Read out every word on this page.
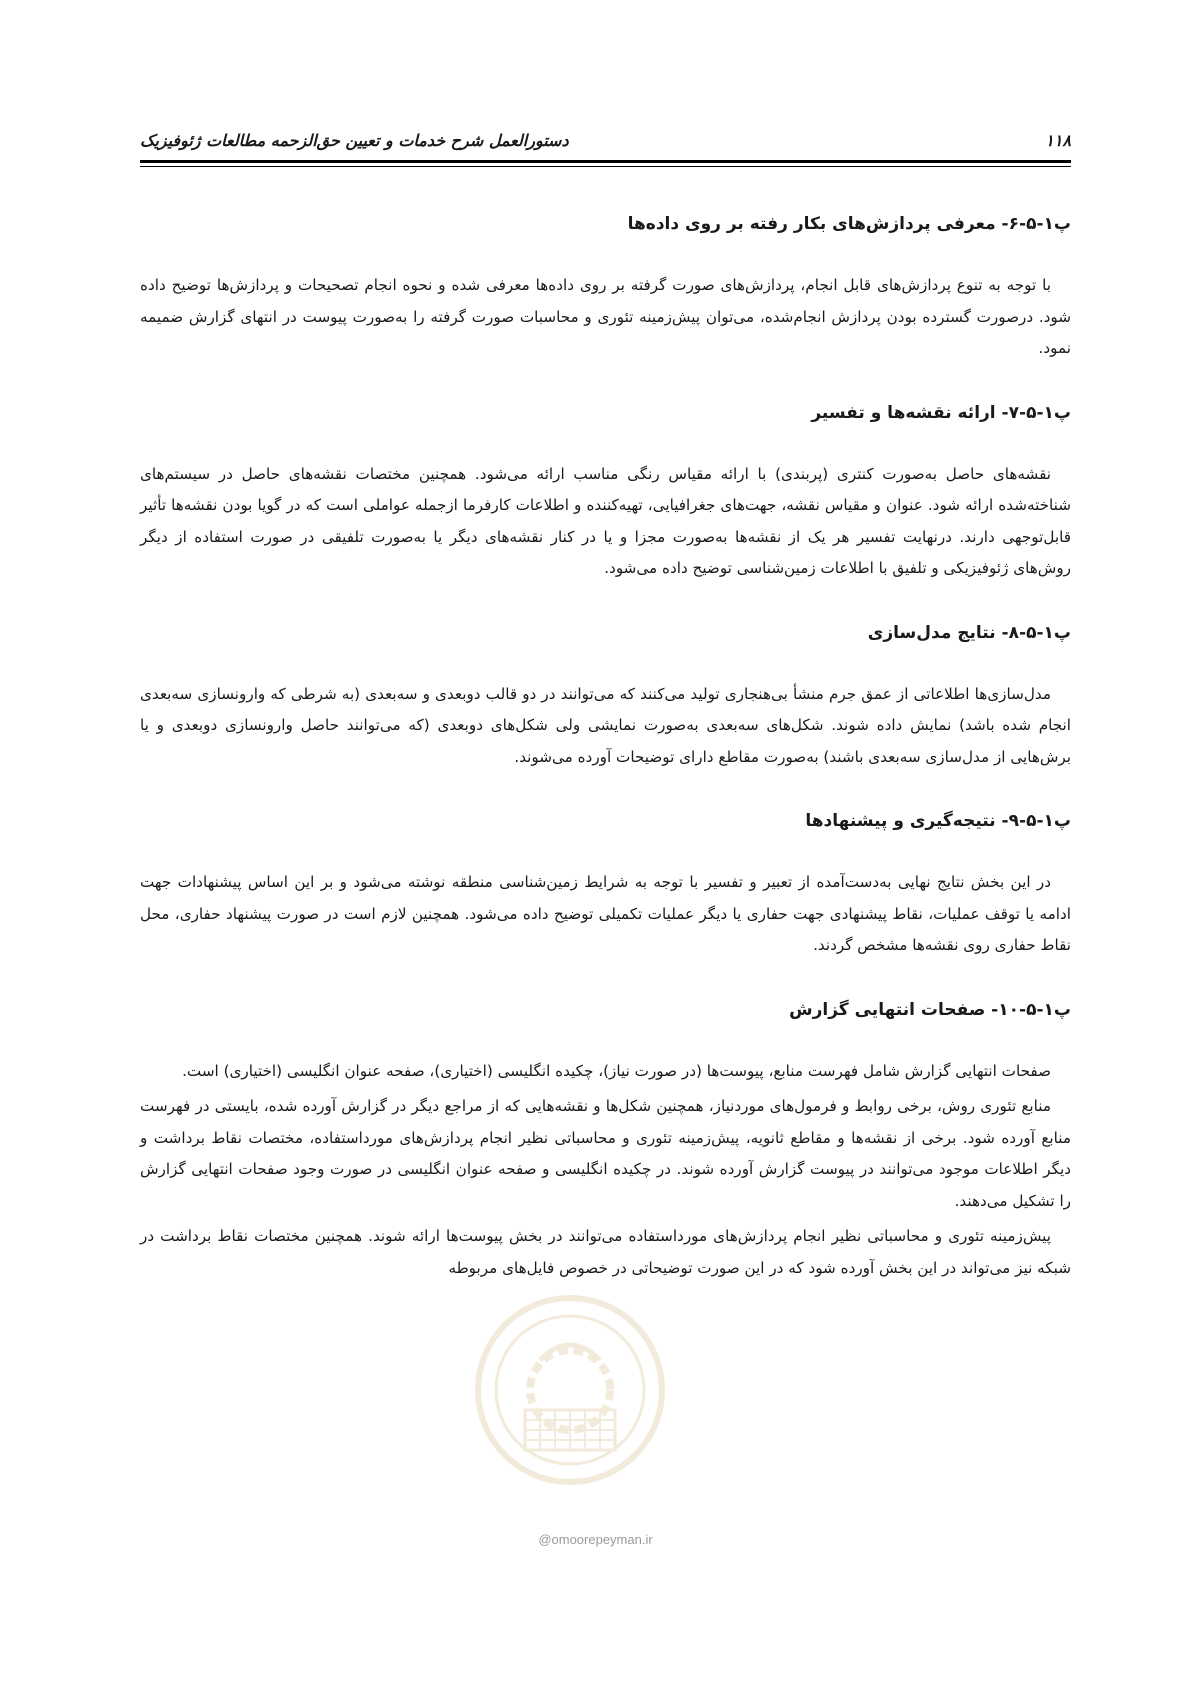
۱۱۸
دستورالعمل شرح خدمات و تعیین حق‌الزحمه مطالعات ژئوفیزیک
پ۱-۵-۶- معرفی پردازش‌های بکار رفته بر روی داده‌ها

با توجه به تنوع پردازش‌های قابل انجام، پردازش‌های صورت گرفته بر روی داده‌ها معرفی شده و نحوه انجام تصحیحات و پردازش‌ها توضیح داده شود. درصورت گسترده بودن پردازش انجام‌شده، می‌توان پیش‌زمینه تئوری و محاسبات صورت گرفته را به‌صورت پیوست در انتهای گزارش ضمیمه نمود.

پ۱-۵-۷- ارائه نقشه‌ها و تفسیر

نقشه‌های حاصل به‌صورت کنتری (پربندی) با ارائه مقیاس رنگی مناسب ارائه می‌شود. همچنین مختصات نقشه‌های حاصل در سیستم‌های شناخته‌شده ارائه شود. عنوان و مقیاس نقشه، جهت‌های جغرافیایی، تهیه‌کننده و اطلاعات کارفرما ازجمله عواملی است که در گویا بودن نقشه‌ها تأثیر قابل‌توجهی دارند. درنهایت تفسیر هر یک از نقشه‌ها به‌صورت مجزا و یا در کنار نقشه‌های دیگر یا به‌صورت تلفیقی در صورت استفاده از دیگر روش‌های ژئوفیزیکی و تلفیق با اطلاعات زمین‌شناسی توضیح داده می‌شود.

پ۱-۵-۸- نتایج مدل‌سازی

مدل‌سازی‌ها اطلاعاتی از عمق جرم منشأ بی‌هنجاری تولید می‌کنند که می‌توانند در دو قالب دوبعدی و سه‌بعدی (به شرطی که وارونسازی سه‌بعدی انجام شده باشد) نمایش داده شوند. شکل‌های سه‌بعدی به‌صورت نمایشی ولی شکل‌های دوبعدی (که می‌توانند حاصل وارونسازی دوبعدی و یا برش‌هایی از مدل‌سازی سه‌بعدی باشند) به‌صورت مقاطع دارای توضیحات آورده می‌شوند.

پ۱-۵-۹- نتیجه‌گیری و پیشنهادها

در این بخش نتایج نهایی به‌دست‌آمده از تعبیر و تفسیر با توجه به شرایط زمین‌شناسی منطقه نوشته می‌شود و بر این اساس پیشنهادات جهت ادامه یا توقف عملیات، نقاط پیشنهادی جهت حفاری یا دیگر عملیات تکمیلی توضیح داده می‌شود. همچنین لازم است در صورت پیشنهاد حفاری، محل نقاط حفاری روی نقشه‌ها مشخص گردند.

پ۱-۵-۱۰- صفحات انتهایی گزارش

صفحات انتهایی گزارش شامل فهرست منابع، پیوست‌ها (در صورت نیاز)، چکیده انگلیسی (اختیاری)، صفحه عنوان انگلیسی (اختیاری) است.

منابع تئوری روش، برخی روابط و فرمول‌های موردنیاز، همچنین شکل‌ها و نقشه‌هایی که از مراجع دیگر در گزارش آورده شده، بایستی در فهرست منابع آورده شود. برخی از نقشه‌ها و مقاطع ثانویه، پیش‌زمینه تئوری و محاسباتی نظیر انجام پردازش‌های مورداستفاده، مختصات نقاط برداشت و دیگر اطلاعات موجود می‌توانند در پیوست گزارش آورده شوند. در چکیده انگلیسی و صفحه عنوان انگلیسی در صورت وجود صفحات انتهایی گزارش را تشکیل می‌دهند.

پیش‌زمینه تئوری و محاسباتی نظیر انجام پردازش‌های مورداستفاده می‌توانند در بخش پیوست‌ها ارائه شوند. همچنین مختصات نقاط برداشت در شبکه نیز می‌تواند در این بخش آورده شود که در این صورت توضیحاتی در خصوص فایل‌های مربوطه

@omoorepeyman.ir
